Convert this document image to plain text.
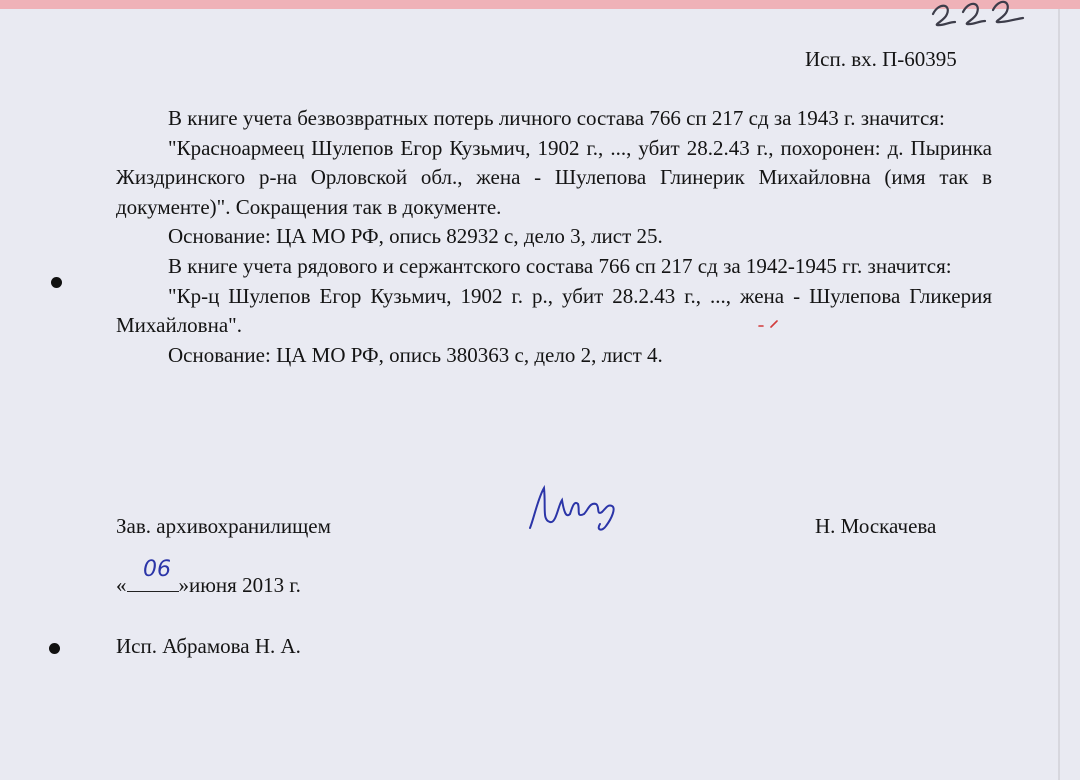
Исп. вх. П-60395

В книге учета безвозвратных потерь личного состава 766 сп 217 сд за 1943 г. значится:

"Красноармеец Шулепов Егор Кузьмич, 1902 г., ..., убит 28.2.43 г., похоронен: д. Пыринка Жиздринского р-на Орловской обл., жена - Шулепова Глинерик Михайловна (имя так в документе)". Сокращения так в документе.

Основание: ЦА МО РФ, опись 82932 с, дело 3, лист 25.

В книге учета рядового и сержантского состава 766 сп 217 сд за 1942-1945 гг. значится:

"Кр-ц Шулепов Егор Кузьмич, 1902 г. р., убит 28.2.43 г., ..., жена - Шулепова Гликерия Михайловна".

Основание: ЦА МО РФ, опись 380363 с, дело 2, лист 4.
Зав. архивохранилищем	Н. Москачева
« »июня 2013 г.
06
Исп. Абрамова Н. А.
